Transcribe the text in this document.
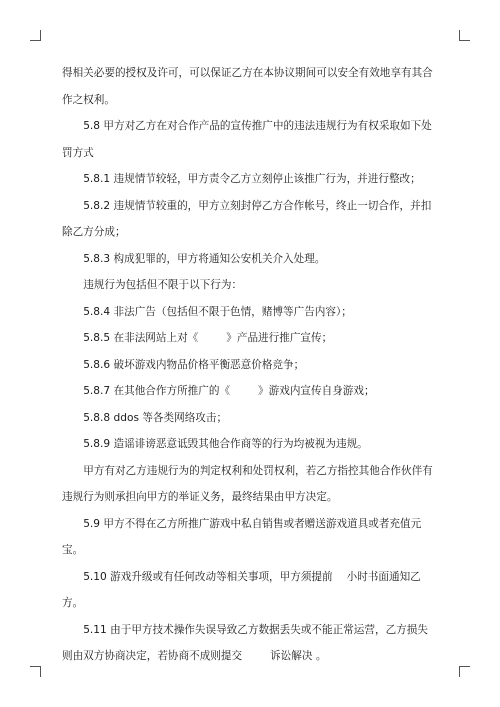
得相关必要的授权及许可，可以保证乙方在本协议期间可以安全有效地享有其合作之权利。

5.8 甲方对乙方在对合作产品的宣传推广中的违法违规行为有权采取如下处罚方式

5.8.1 违规情节较轻，甲方责令乙方立刻停止该推广行为，并进行整改；

5.8.2 违规情节较重的，甲方立刻封停乙方合作帐号，终止一切合作，并扣除乙方分成；

5.8.3 构成犯罪的，甲方将通知公安机关介入处理。

违规行为包括但不限于以下行为：

5.8.4 非法广告（包括但不限于色情，赌博等广告内容）；

5.8.5 在非法网站上对《	》产品进行推广宣传；

5.8.6 破坏游戏内物品价格平衡恶意价格竞争；

5.8.7 在其他合作方所推广的《	》游戏内宣传自身游戏；

5.8.8 ddos 等各类网络攻击；

5.8.9 造谣诽谤恶意诋毁其他合作商等的行为均被视为违规。

甲方有对乙方违规行为的判定权利和处罚权利，若乙方指控其他合作伙伴有违规行为则承担向甲方的举证义务，最终结果由甲方决定。

5.9 甲方不得在乙方所推广游戏中私自销售或者赠送游戏道具或者充值元宝。

5.10 游戏升级或有任何改动等相关事项，甲方须提前 小时书面通知乙方。

5.11 由于甲方技术操作失误导致乙方数据丢失或不能正常运营，乙方损失则由双方协商决定，若协商不成则提交	诉讼解决 。
